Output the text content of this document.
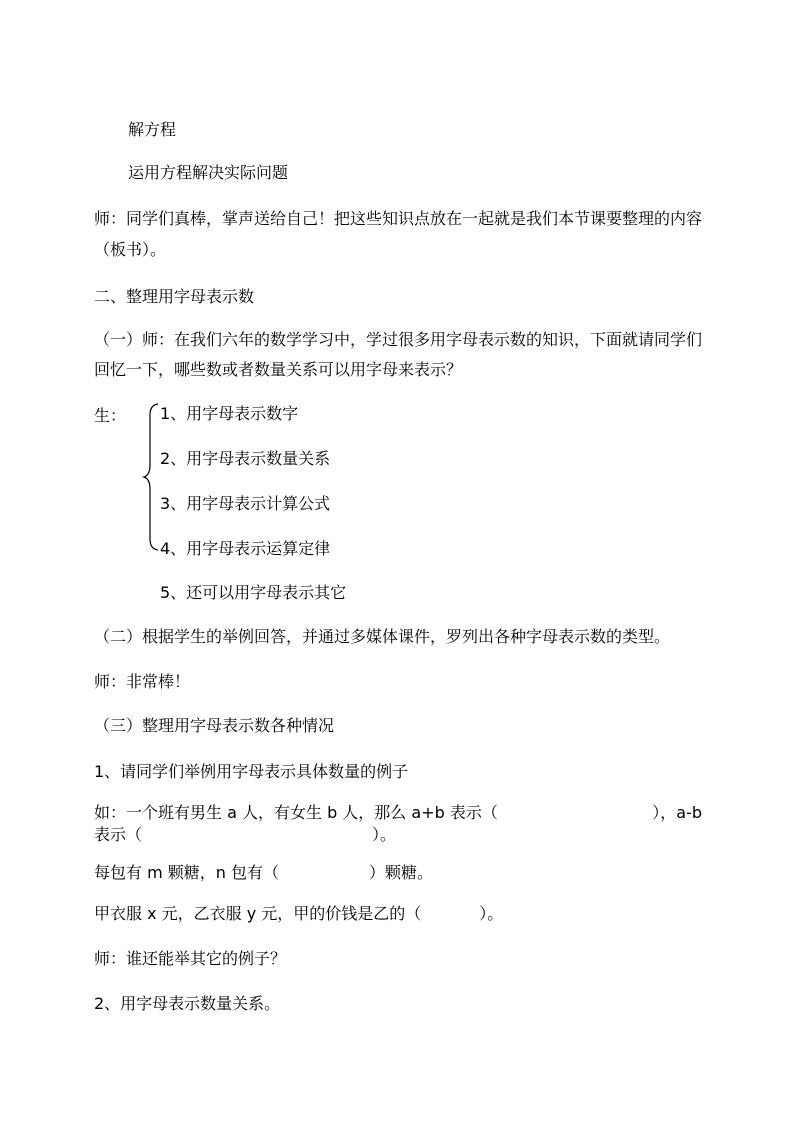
解方程
运用方程解决实际问题
师：同学们真棒，掌声送给自己！把这些知识点放在一起就是我们本节课要整理的内容
（板书）。
二、整理用字母表示数
（一）师：在我们六年的数学学习中，学过很多用字母表示数的知识，下面就请同学们
回忆一下，哪些数或者数量关系可以用字母来表示？
生： 1、用字母表示数字
2、用字母表示数量关系
3、用字母表示计算公式
4、用字母表示运算定律
5、还可以用字母表示其它
（二）根据学生的举例回答，并通过多媒体课件，罗列出各种字母表示数的类型。
师：非常棒！
（三）整理用字母表示数各种情况
1、请同学们举例用字母表示具体数量的例子
如：一个班有男生 a 人，有女生 b 人，那么 a+b 表示（	），a-b
表示（	）。
每包有 m 颗糖，n 包有（	）颗糖。
甲衣服 x 元，乙衣服 y 元，甲的价钱是乙的（	）。
师：谁还能举其它的例子？
2、用字母表示数量关系。
